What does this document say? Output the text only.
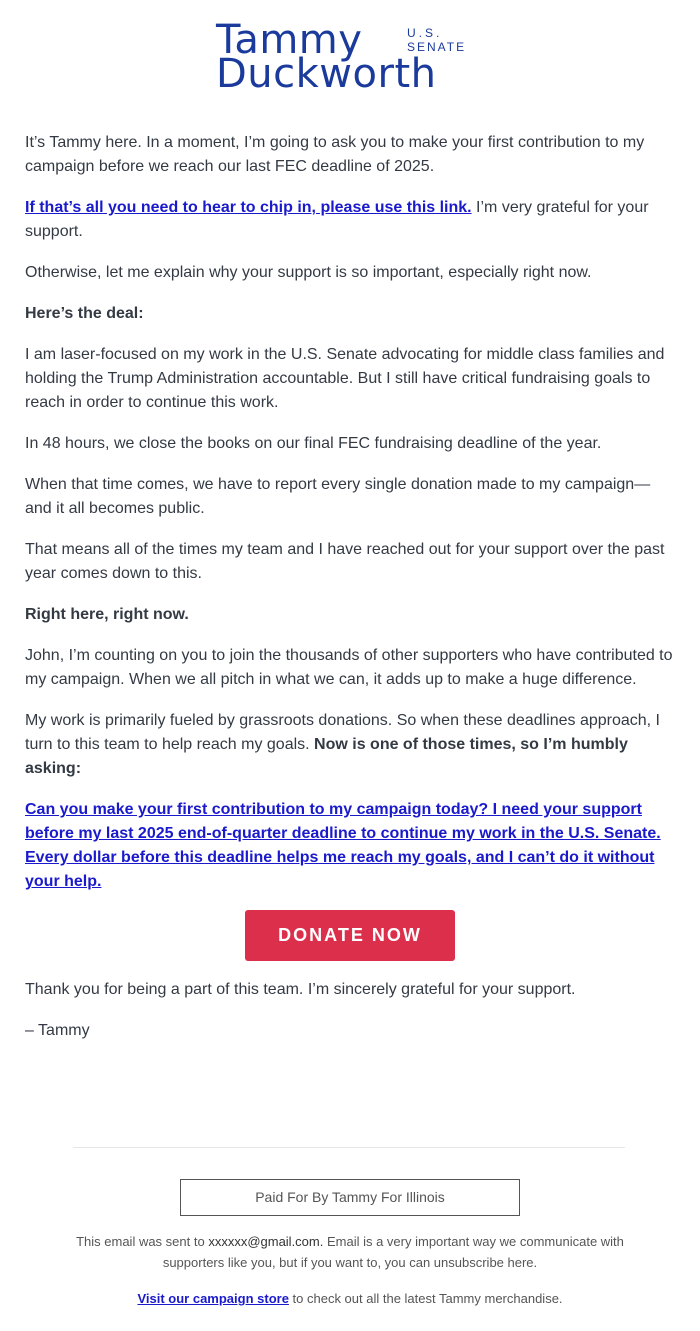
Tammy	U.S.
SENATE
Duckworth

It’s Tammy here. In a moment, I’m going to ask you to make your first contribution to my campaign before we reach our last FEC deadline of 2025.

If that’s all you need to hear to chip in, please use this link. I’m very grateful for your support.

Otherwise, let me explain why your support is so important, especially right now.

Here’s the deal:

I am laser-focused on my work in the U.S. Senate advocating for middle class families and holding the Trump Administration accountable. But I still have critical fundraising goals to reach in order to continue this work.

In 48 hours, we close the books on our final FEC fundraising deadline of the year.

When that time comes, we have to report every single donation made to my campaign—and it all becomes public.

That means all of the times my team and I have reached out for your support over the past year comes down to this.

Right here, right now.

John, I’m counting on you to join the thousands of other supporters who have contributed to my campaign. When we all pitch in what we can, it adds up to make a huge difference.

My work is primarily fueled by grassroots donations. So when these deadlines approach, I turn to this team to help reach my goals. Now is one of those times, so I’m humbly asking:

Can you make your first contribution to my campaign today? I need your support before my last 2025 end-of-quarter deadline to continue my work in the U.S. Senate. Every dollar before this deadline helps me reach my goals, and I can’t do it without your help.

DONATE NOW

Thank you for being a part of this team. I’m sincerely grateful for your support.

– Tammy

Paid For By Tammy For Illinois
This email was sent to xxxxxx@gmail.com. Email is a very important way we communicate with supporters like you, but if you want to, you can unsubscribe here.
Visit our campaign store to check out all the latest Tammy merchandise.
